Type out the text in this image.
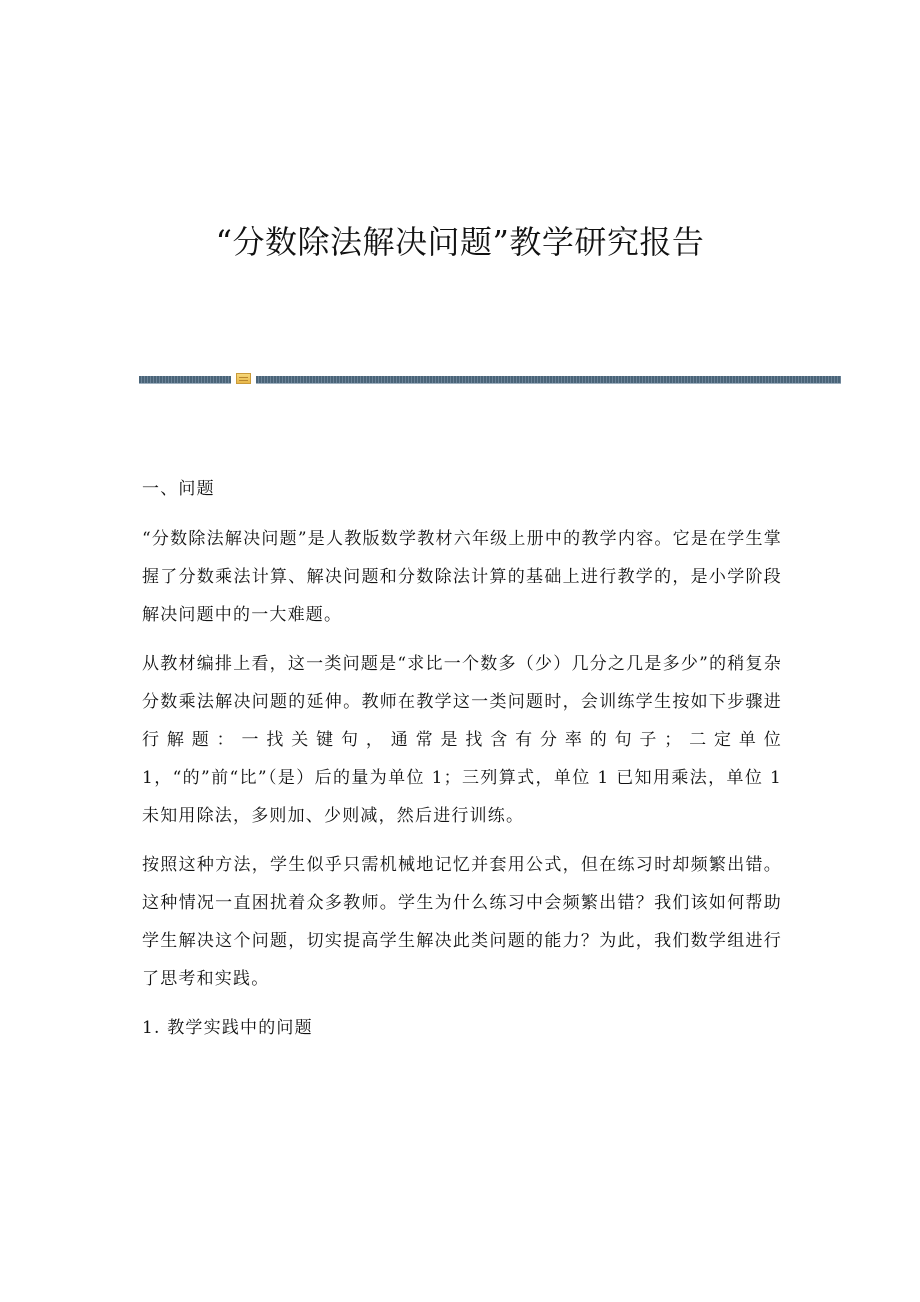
“分数除法解决问题”教学研究报告

一、问题

“分数除法解决问题”是人教版数学教材六年级上册中的教学内容。它是在学生掌握了分数乘法计算、解决问题和分数除法计算的基础上进行教学的，是小学阶段解决问题中的一大难题。

从教材编排上看，这一类问题是“求比一个数多（少）几分之几是多少”的稍复杂分数乘法解决问题的延伸。教师在教学这一类问题时，会训练学生按如下步骤进行解题：一找关键句，通常是找含有分率的句子；二定单位 1，“的”前“比”（是）后的量为单位 1；三列算式，单位 1 已知用乘法，单位 1 未知用除法，多则加、少则减，然后进行训练。

按照这种方法，学生似乎只需机械地记忆并套用公式，但在练习时却频繁出错。这种情况一直困扰着众多教师。学生为什么练习中会频繁出错？我们该如何帮助学生解决这个问题，切实提高学生解决此类问题的能力？为此，我们数学组进行了思考和实践。

1. 教学实践中的问题
